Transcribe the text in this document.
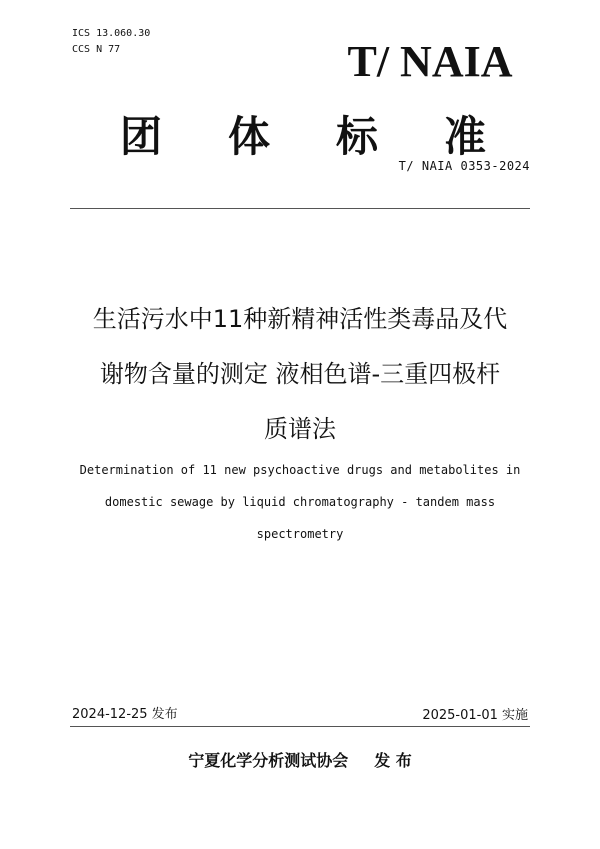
ICS 13.060.30
CCS N 77	T/ NAIA
团 体 标 准
T/ NAIA 0353-2024
生活污水中11种新精神活性类毒品及代
谢物含量的测定 液相色谱-三重四极杆
质谱法
Determination of 11 new psychoactive drugs and metabolites in
domestic sewage by liquid chromatography - tandem mass
spectrometry
2024-12-25 发布	2025-01-01 实施
宁夏化学分析测试协会 发 布
